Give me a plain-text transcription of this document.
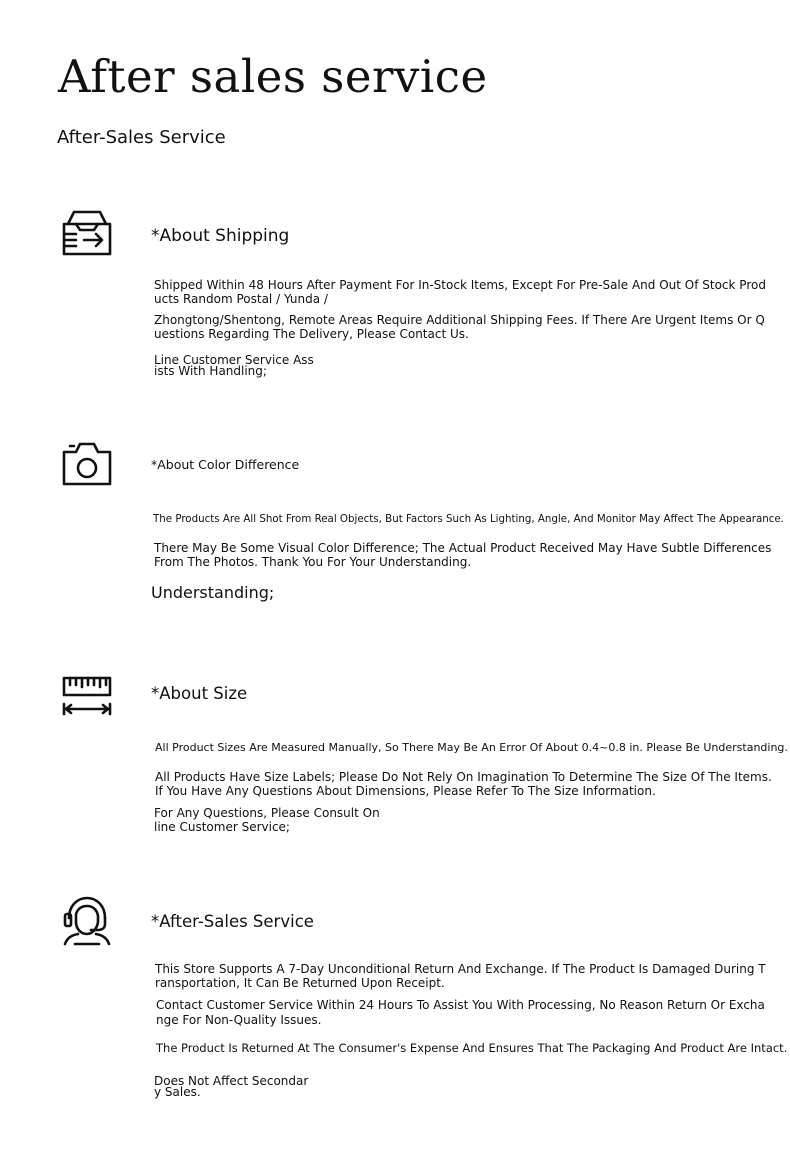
After sales service
After-Sales Service
*About Shipping
Shipped Within 48 Hours After Payment For In-Stock Items, Except For Pre-Sale And Out Of Stock Prod
ucts Random Postal / Yunda /
Zhongtong/Shentong, Remote Areas Require Additional Shipping Fees. If There Are Urgent Items Or Q
uestions Regarding The Delivery, Please Contact Us.
Line Customer Service Ass
ists With Handling;
*About Color Difference
The Products Are All Shot From Real Objects, But Factors Such As Lighting, Angle, And Monitor May Affect The Appearance.
There May Be Some Visual Color Difference; The Actual Product Received May Have Subtle Differences
From The Photos. Thank You For Your Understanding.
Understanding;
*About Size
All Product Sizes Are Measured Manually, So There May Be An Error Of About 0.4~0.8 in. Please Be Understanding.
All Products Have Size Labels; Please Do Not Rely On Imagination To Determine The Size Of The Items.
If You Have Any Questions About Dimensions, Please Refer To The Size Information.
For Any Questions, Please Consult On
line Customer Service;
*After-Sales Service
This Store Supports A 7-Day Unconditional Return And Exchange. If The Product Is Damaged During T
ransportation, It Can Be Returned Upon Receipt.
Contact Customer Service Within 24 Hours To Assist You With Processing, No Reason Return Or Excha
nge For Non-Quality Issues.
The Product Is Returned At The Consumer's Expense And Ensures That The Packaging And Product Are Intact.
Does Not Affect Secondar
y Sales.
